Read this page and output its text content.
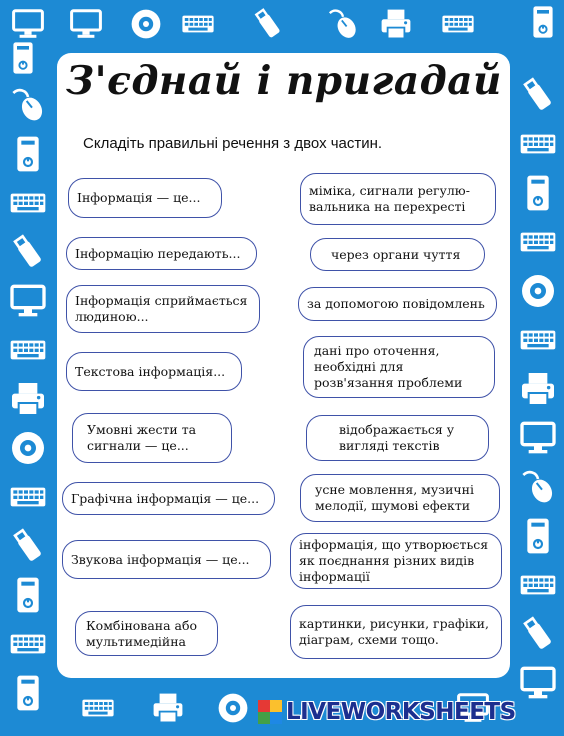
З'єднай і пригадай
Складіть правильні речення з двох частин.
Інформація — це...
Інформацію передають...
Інформація сприймається людиною...
Текстова інформація...
Умовні жести та сигнали — це...
Графічна інформація — це...
Звукова інформація — це...
Комбінована або мультимедійна
міміка, сигнали регулю-вальника на перехресті
через органи чуття
за допомогою повідомлень
дані про оточення, необхідні для розв'язання проблеми
відображається у вигляді текстів
усне мовлення, музичні мелодії, шумові ефекти
інформація, що утворюється як поєднання різних видів інформації
картинки, рисунки, графіки, діаграм, схеми тощо.
LIVEWORKSHEETS
